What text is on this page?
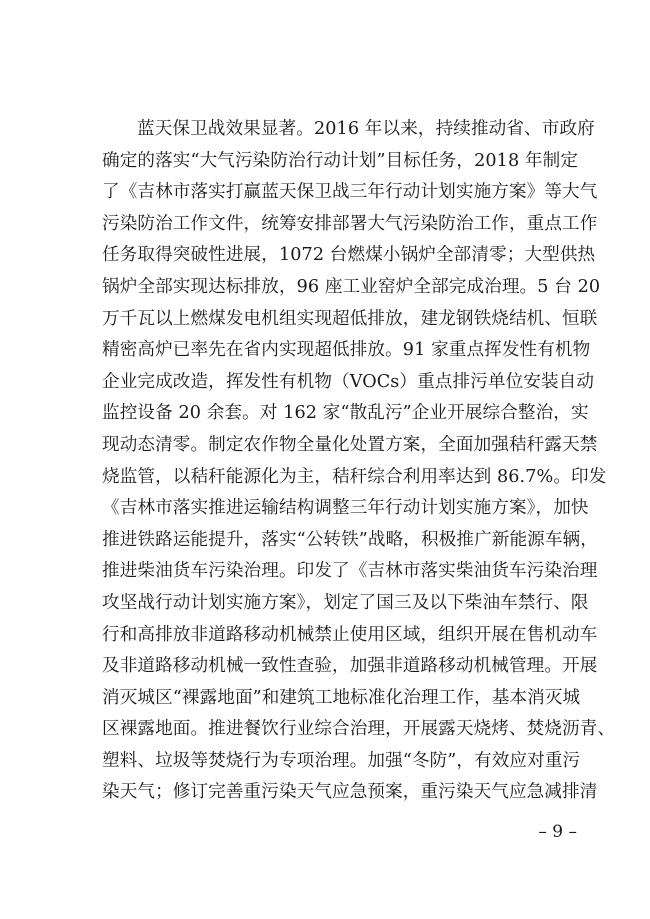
蓝天保卫战效果显著。2016 年以来，持续推动省、市政府
确定的落实“大气污染防治行动计划”目标任务，2018 年制定
了《吉林市落实打赢蓝天保卫战三年行动计划实施方案》等大气
污染防治工作文件，统筹安排部署大气污染防治工作，重点工作
任务取得突破性进展，1072 台燃煤小锅炉全部清零；大型供热
锅炉全部实现达标排放，96 座工业窑炉全部完成治理。5 台 20
万千瓦以上燃煤发电机组实现超低排放，建龙钢铁烧结机、恒联
精密高炉已率先在省内实现超低排放。91 家重点挥发性有机物
企业完成改造，挥发性有机物（VOCs）重点排污单位安装自动
监控设备 20 余套。对 162 家“散乱污”企业开展综合整治，实
现动态清零。制定农作物全量化处置方案，全面加强秸秆露天禁
烧监管，以秸秆能源化为主，秸秆综合利用率达到 86.7%。印发
《吉林市落实推进运输结构调整三年行动计划实施方案》，加快
推进铁路运能提升，落实“公转铁”战略，积极推广新能源车辆，
推进柴油货车污染治理。印发了《吉林市落实柴油货车污染治理
攻坚战行动计划实施方案》，划定了国三及以下柴油车禁行、限
行和高排放非道路移动机械禁止使用区域，组织开展在售机动车
及非道路移动机械一致性查验，加强非道路移动机械管理。开展
消灭城区“裸露地面”和建筑工地标准化治理工作，基本消灭城
区裸露地面。推进餐饮行业综合治理，开展露天烧烤、焚烧沥青、
塑料、垃圾等焚烧行为专项治理。加强“冬防”，有效应对重污
染天气；修订完善重污染天气应急预案，重污染天气应急减排清
– 9 –
